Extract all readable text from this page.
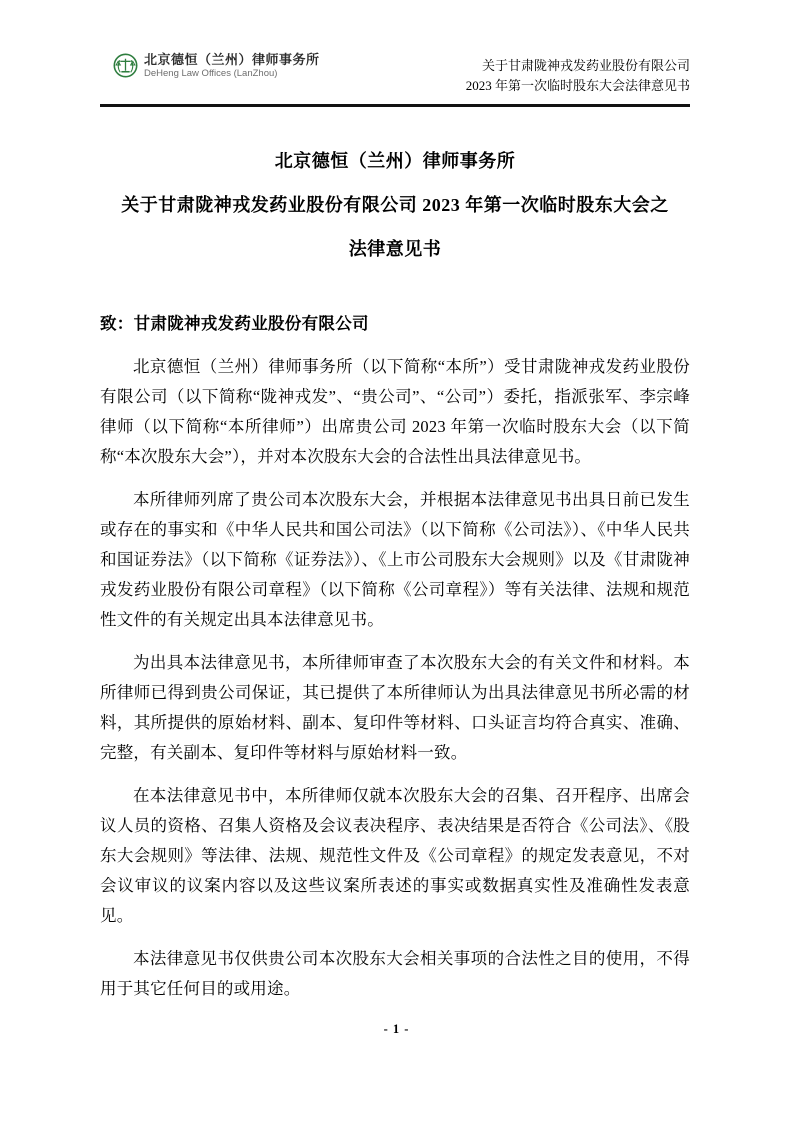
北京德恒（兰州）律师事务所
DeHeng Law Offices (LanZhou)
关于甘肃陇神戎发药业股份有限公司
2023 年第一次临时股东大会法律意见书
北京德恒（兰州）律师事务所
关于甘肃陇神戎发药业股份有限公司 2023 年第一次临时股东大会之
法律意见书
致：甘肃陇神戎发药业股份有限公司

北京德恒（兰州）律师事务所（以下简称“本所”）受甘肃陇神戎发药业股份有限公司（以下简称“陇神戎发”、“贵公司”、“公司”）委托，指派张军、李宗峰律师（以下简称“本所律师”）出席贵公司 2023 年第一次临时股东大会（以下简称“本次股东大会”），并对本次股东大会的合法性出具法律意见书。

本所律师列席了贵公司本次股东大会，并根据本法律意见书出具日前已发生或存在的事实和《中华人民共和国公司法》（以下简称《公司法》）、《中华人民共和国证券法》（以下简称《证券法》）、《上市公司股东大会规则》以及《甘肃陇神戎发药业股份有限公司章程》（以下简称《公司章程》）等有关法律、法规和规范性文件的有关规定出具本法律意见书。

为出具本法律意见书，本所律师审查了本次股东大会的有关文件和材料。本所律师已得到贵公司保证，其已提供了本所律师认为出具法律意见书所必需的材料，其所提供的原始材料、副本、复印件等材料、口头证言均符合真实、准确、完整，有关副本、复印件等材料与原始材料一致。

在本法律意见书中，本所律师仅就本次股东大会的召集、召开程序、出席会议人员的资格、召集人资格及会议表决程序、表决结果是否符合《公司法》、《股东大会规则》等法律、法规、规范性文件及《公司章程》的规定发表意见，不对会议审议的议案内容以及这些议案所表述的事实或数据真实性及准确性发表意见。

本法律意见书仅供贵公司本次股东大会相关事项的合法性之目的使用，不得用于其它任何目的或用途。

- 1 -
